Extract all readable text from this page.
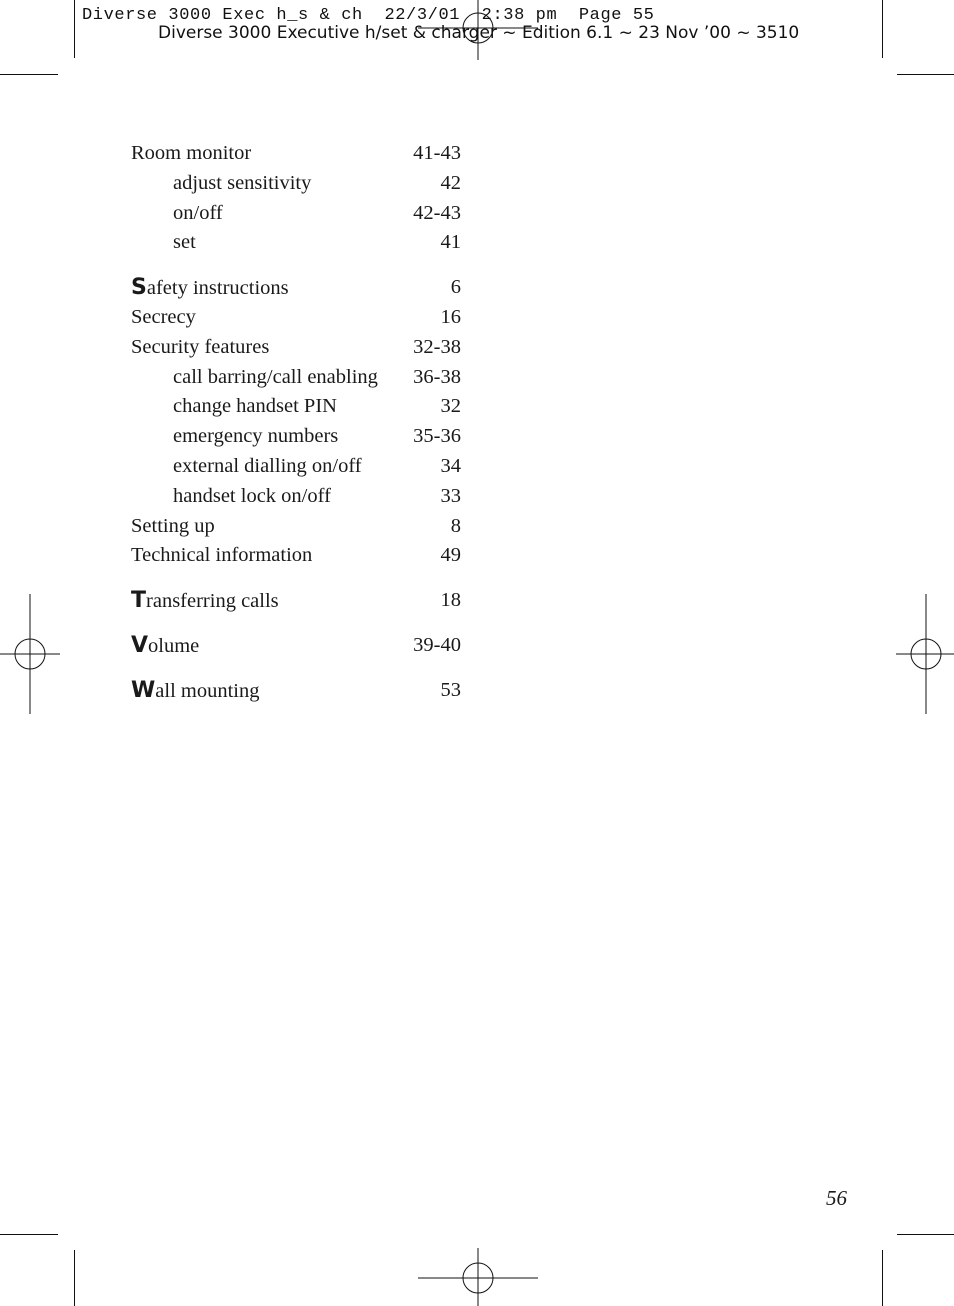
Diverse 3000 Exec h_s & ch  22/3/01  2:38 pm  Page 55
Diverse 3000 Executive h/set & charger ~ Edition 6.1 ~ 23 Nov ’00 ~ 3510
Room monitor	41-43
adjust sensitivity	42
on/off	42-43
set	41
Safety instructions	6
Secrecy	16
Security features	32-38
call barring/call enabling 36-38
change handset PIN	32
emergency numbers	35-36
external dialling on/off	34
handset lock on/off	33
Setting up	8
Technical information	49
Transferring calls	18
Volume	39-40
Wall mounting	53
56
